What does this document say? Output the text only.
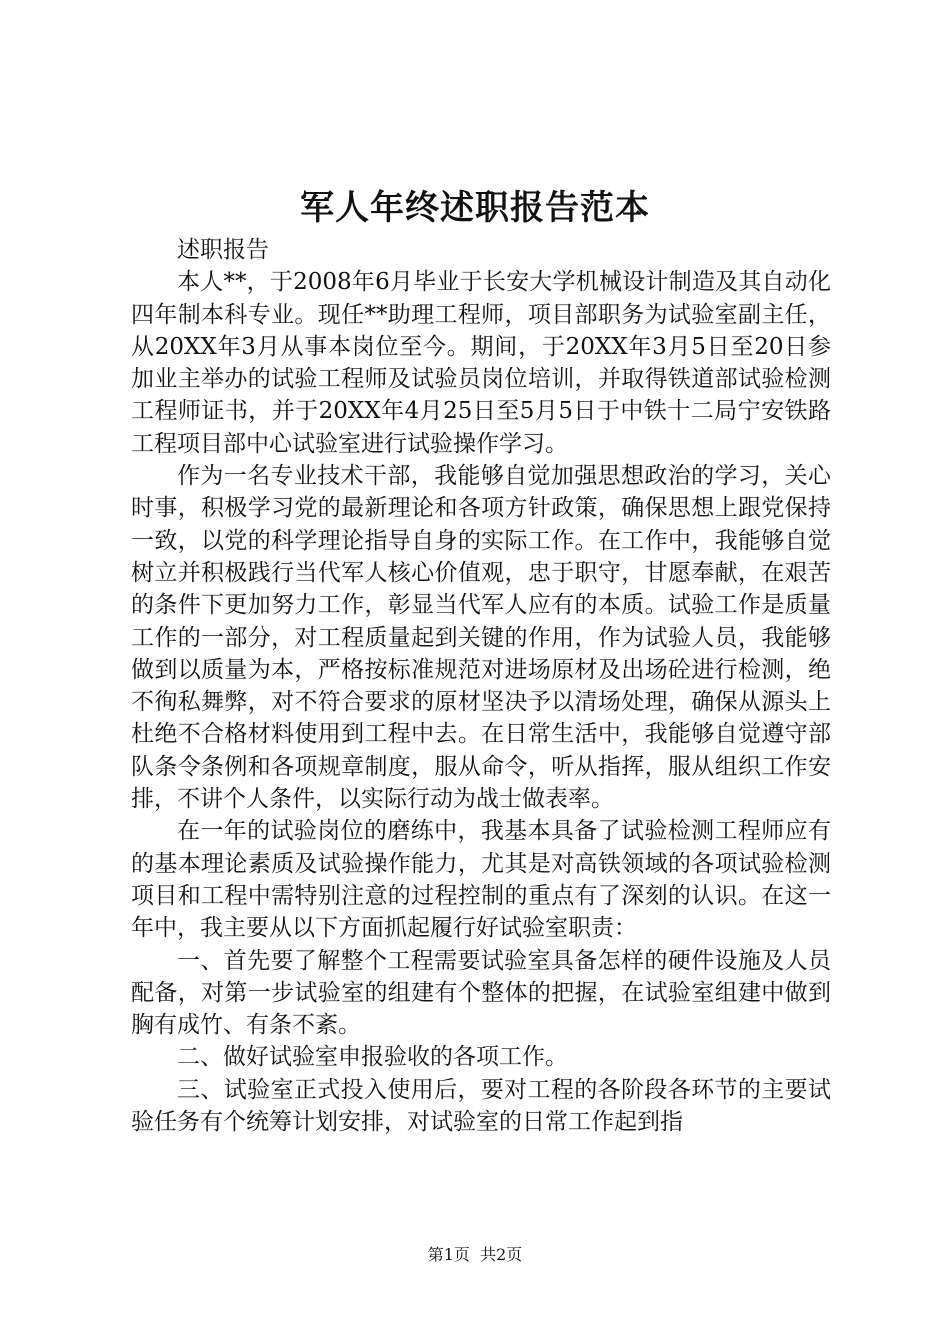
军人年终述职报告范本

述职报告

本人**，于2008年6月毕业于长安大学机械设计制造及其自动化四年制本科专业。现任**助理工程师，项目部职务为试验室副主任，从20XX年3月从事本岗位至今。期间，于20XX年3月5日至20日参加业主举办的试验工程师及试验员岗位培训，并取得铁道部试验检测工程师证书，并于20XX年4月25日至5月5日于中铁十二局宁安铁路工程项目部中心试验室进行试验操作学习。

作为一名专业技术干部，我能够自觉加强思想政治的学习，关心时事，积极学习党的最新理论和各项方针政策，确保思想上跟党保持一致，以党的科学理论指导自身的实际工作。在工作中，我能够自觉树立并积极践行当代军人核心价值观，忠于职守，甘愿奉献，在艰苦的条件下更加努力工作，彰显当代军人应有的本质。试验工作是质量工作的一部分，对工程质量起到关键的作用，作为试验人员，我能够做到以质量为本，严格按标准规范对进场原材及出场砼进行检测，绝不徇私舞弊，对不符合要求的原材坚决予以清场处理，确保从源头上杜绝不合格材料使用到工程中去。在日常生活中，我能够自觉遵守部队条令条例和各项规章制度，服从命令，听从指挥，服从组织工作安排，不讲个人条件，以实际行动为战士做表率。

在一年的试验岗位的磨练中，我基本具备了试验检测工程师应有的基本理论素质及试验操作能力，尤其是对高铁领域的各项试验检测项目和工程中需特别注意的过程控制的重点有了深刻的认识。在这一年中，我主要从以下方面抓起履行好试验室职责：

一、首先要了解整个工程需要试验室具备怎样的硬件设施及人员配备，对第一步试验室的组建有个整体的把握，在试验室组建中做到胸有成竹、有条不紊。

二、做好试验室申报验收的各项工作。

三、试验室正式投入使用后，要对工程的各阶段各环节的主要试验任务有个统筹计划安排，对试验室的日常工作起到指

第1页 共2页
